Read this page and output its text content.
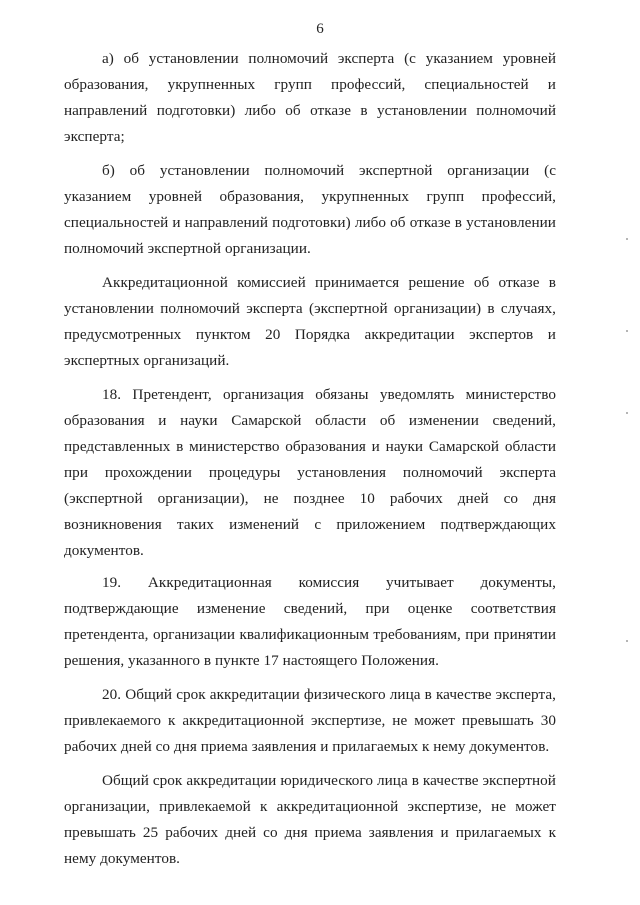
6

а) об установлении полномочий эксперта (с указанием уровней образования, укрупненных групп профессий, специальностей и направлений подготовки) либо об отказе в установлении полномочий эксперта;

б) об установлении полномочий экспертной организации (с указанием уровней образования, укрупненных групп профессий, специальностей и направлений подготовки) либо об отказе в установлении полномочий экспертной организации.

Аккредитационной комиссией принимается решение об отказе в установлении полномочий эксперта (экспертной организации) в случаях, предусмотренных пунктом 20 Порядка аккредитации экспертов и экспертных организаций.

18. Претендент, организация обязаны уведомлять министерство образования и науки Самарской области об изменении сведений, представленных в министерство образования и науки Самарской области при прохождении процедуры установления полномочий эксперта (экспертной организации), не позднее 10 рабочих дней со дня возникновения таких изменений с приложением подтверждающих документов.

19. Аккредитационная комиссия учитывает документы, подтверждающие изменение сведений, при оценке соответствия претендента, организации квалификационным требованиям, при принятии решения, указанного в пункте 17 настоящего Положения.

20. Общий срок аккредитации физического лица в качестве эксперта, привлекаемого к аккредитационной экспертизе, не может превышать 30 рабочих дней со дня приема заявления и прилагаемых к нему документов.

Общий срок аккредитации юридического лица в качестве экспертной организации, привлекаемой к аккредитационной экспертизе, не может превышать 25 рабочих дней со дня приема заявления и прилагаемых к нему документов.
